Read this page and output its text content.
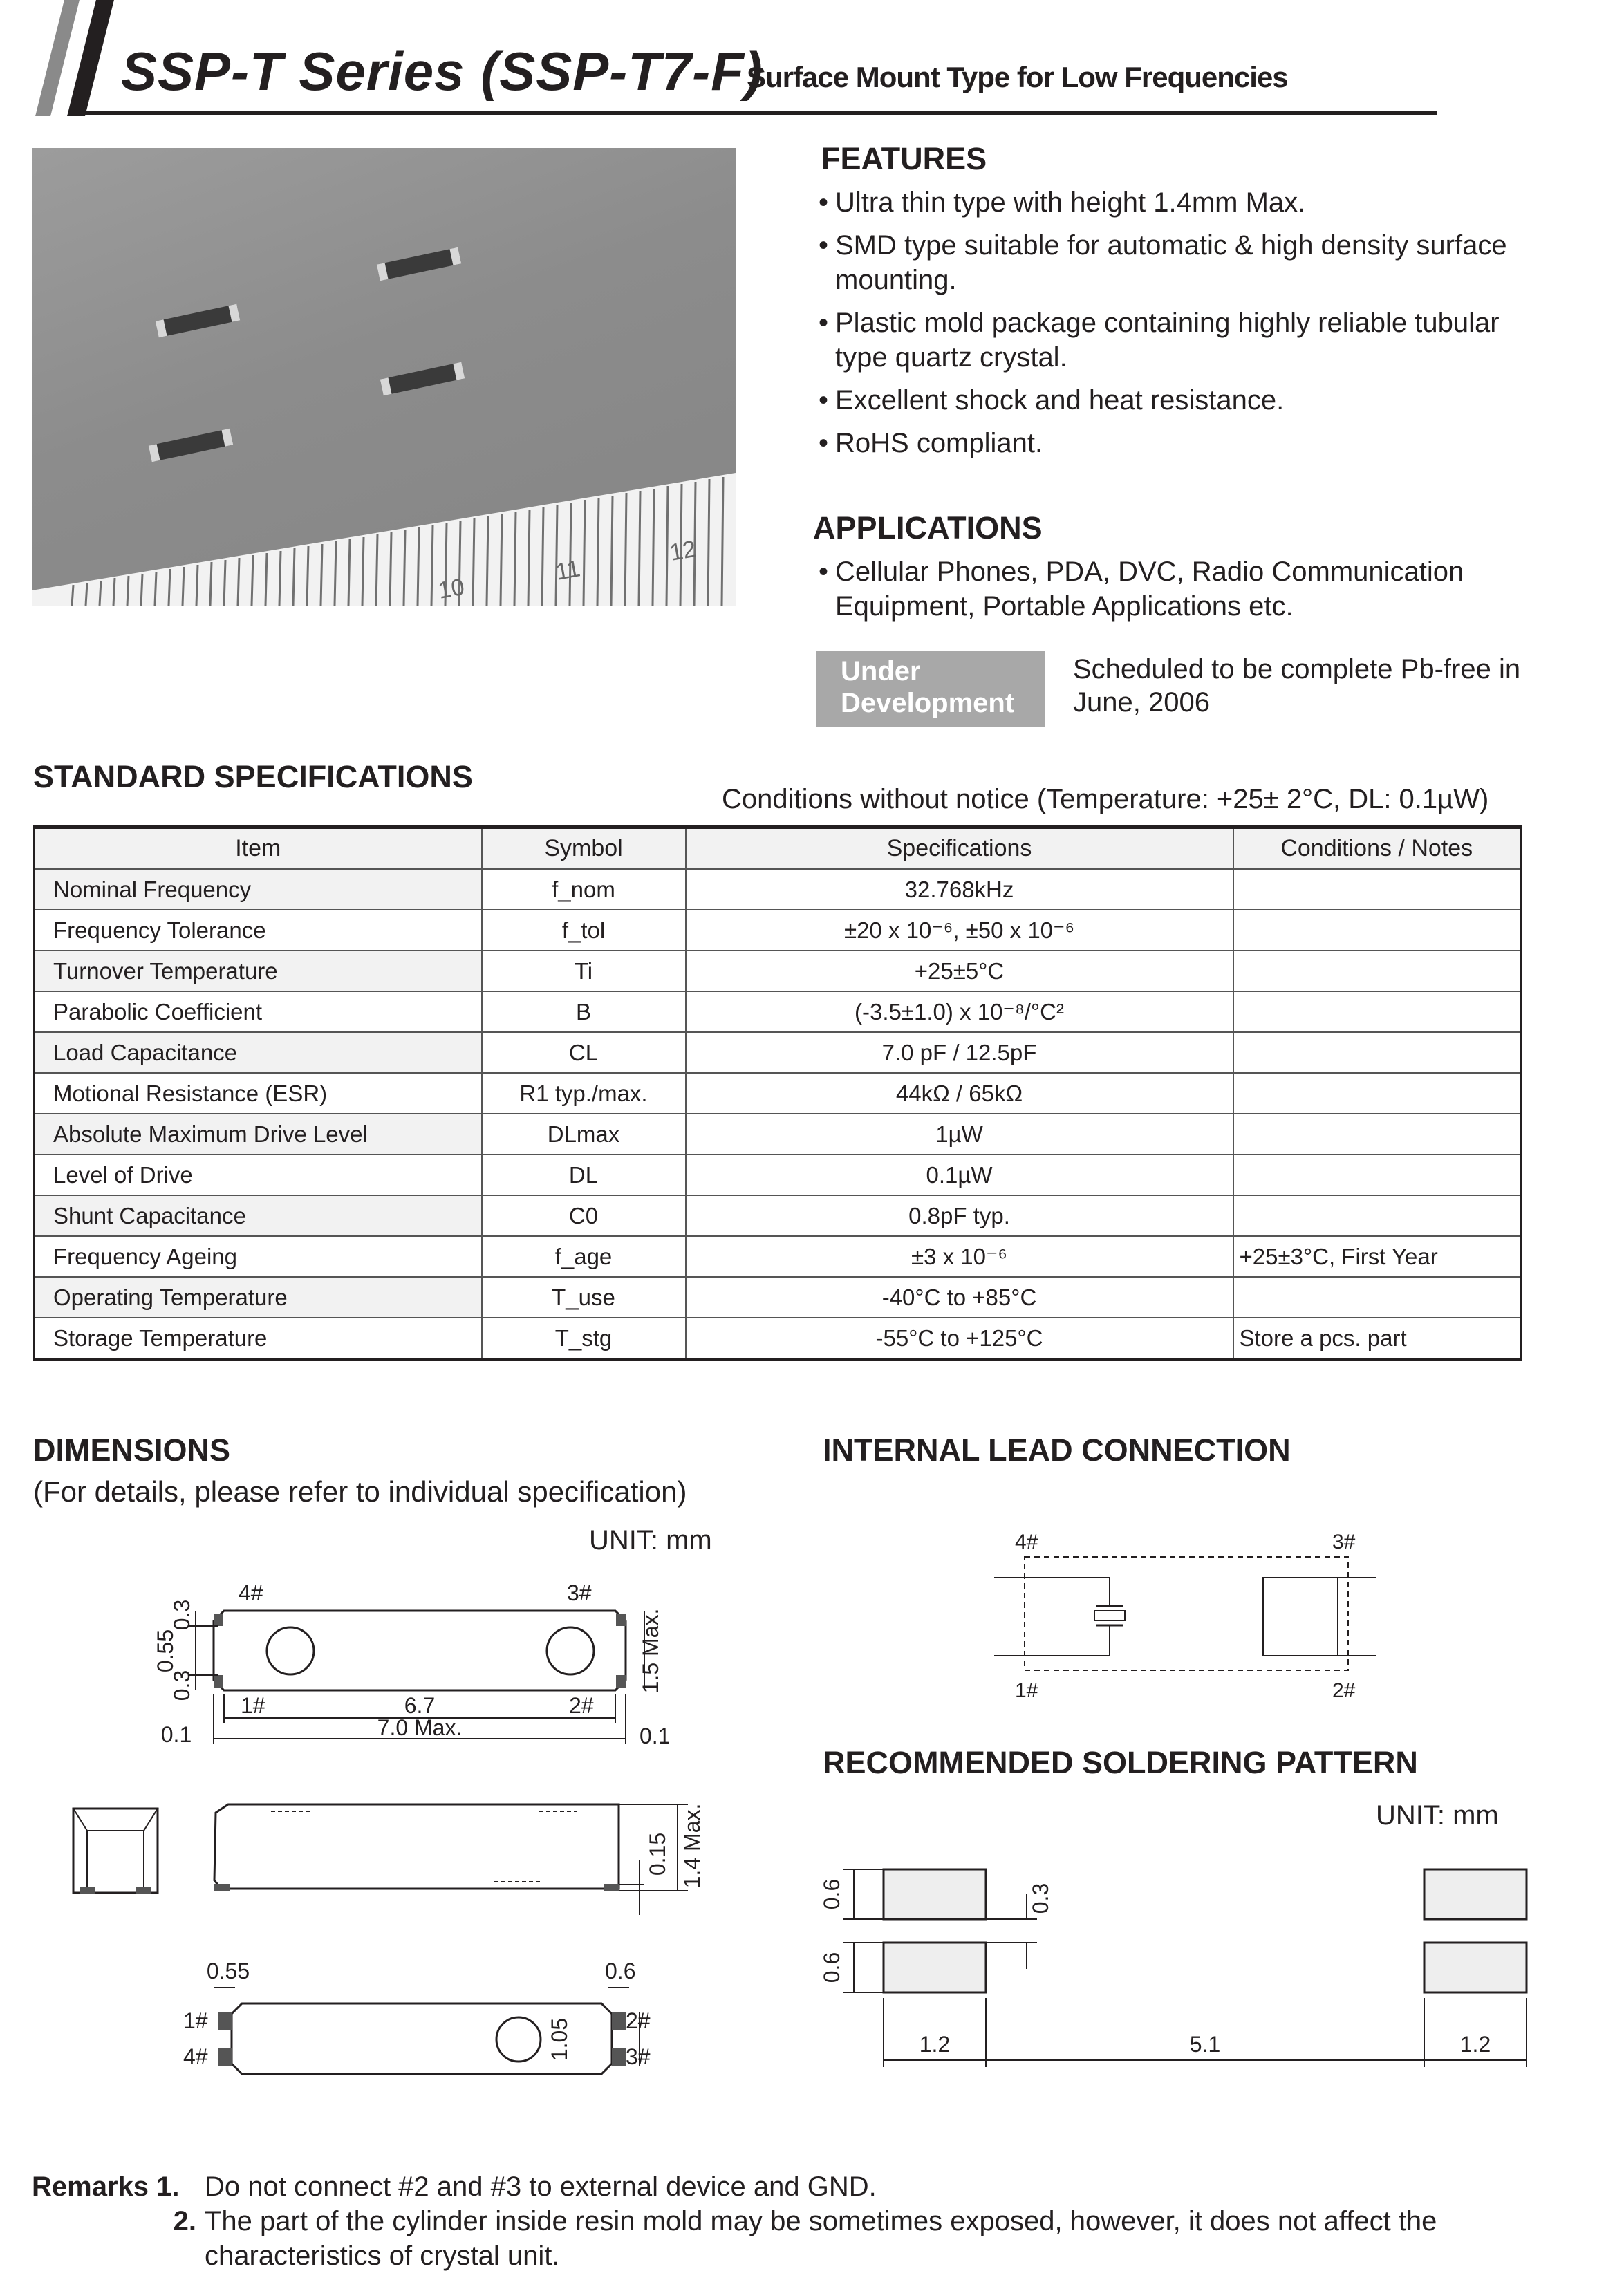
SSP-T Series (SSP-T7-F)
Surface Mount Type for Low Frequencies
10
11
12
FEATURES
• Ultra thin type with height 1.4mm Max.
• SMD type suitable for automatic & high density surface mounting.
• Plastic mold package containing highly reliable tubular type quartz crystal.
• Excellent shock and heat resistance.
• RoHS compliant.
APPLICATIONS
• Cellular Phones, PDA, DVC, Radio Communication Equipment, Portable Applications etc.
Under Development
Scheduled to be complete Pb-free in June, 2006
STANDARD SPECIFICATIONS
Conditions without notice (Temperature: +25± 2°C, DL: 0.1µW)
Item	Symbol	Specifications	Conditions / Notes
Nominal Frequency	f_nom	32.768kHz	
Frequency Tolerance	f_tol	±20 x 10⁻⁶, ±50 x 10⁻⁶	
Turnover Temperature	Ti	+25±5°C	
Parabolic Coefficient	B	(-3.5±1.0) x 10⁻⁸/°C²	
Load Capacitance	CL	7.0 pF / 12.5pF	
Motional Resistance (ESR)	R1 typ./max.	44kΩ / 65kΩ	
Absolute Maximum Drive Level	DLmax	1µW	
Level of Drive	DL	0.1µW	
Shunt Capacitance	C0	0.8pF typ.	
Frequency Ageing	f_age	±3 x 10⁻⁶	+25±3°C, First Year
Operating Temperature	T_use	-40°C to +85°C	
Storage Temperature	T_stg	-55°C to +125°C	Store a pcs. part
DIMENSIONS
(For details, please refer to individual specification)
UNIT: mm
0.3
0.55
0.3
4#	3#
1#	2#
6.7
7.0 Max.
0.1	0.1
1.5 Max.
0.15 1.4 Max.
0.55	0.6
1.05
1#
4#
2#
3#
INTERNAL LEAD CONNECTION
4#	3#
1#	2#
RECOMMENDED SOLDERING PATTERN
UNIT: mm
0.6
0.6
0.3
1.2	5.1	1.2
Remarks 1. Do not connect #2 and #3 to external device and GND.
2. The part of the cylinder inside resin mold may be sometimes exposed, however, it does not affect the characteristics of crystal unit.
